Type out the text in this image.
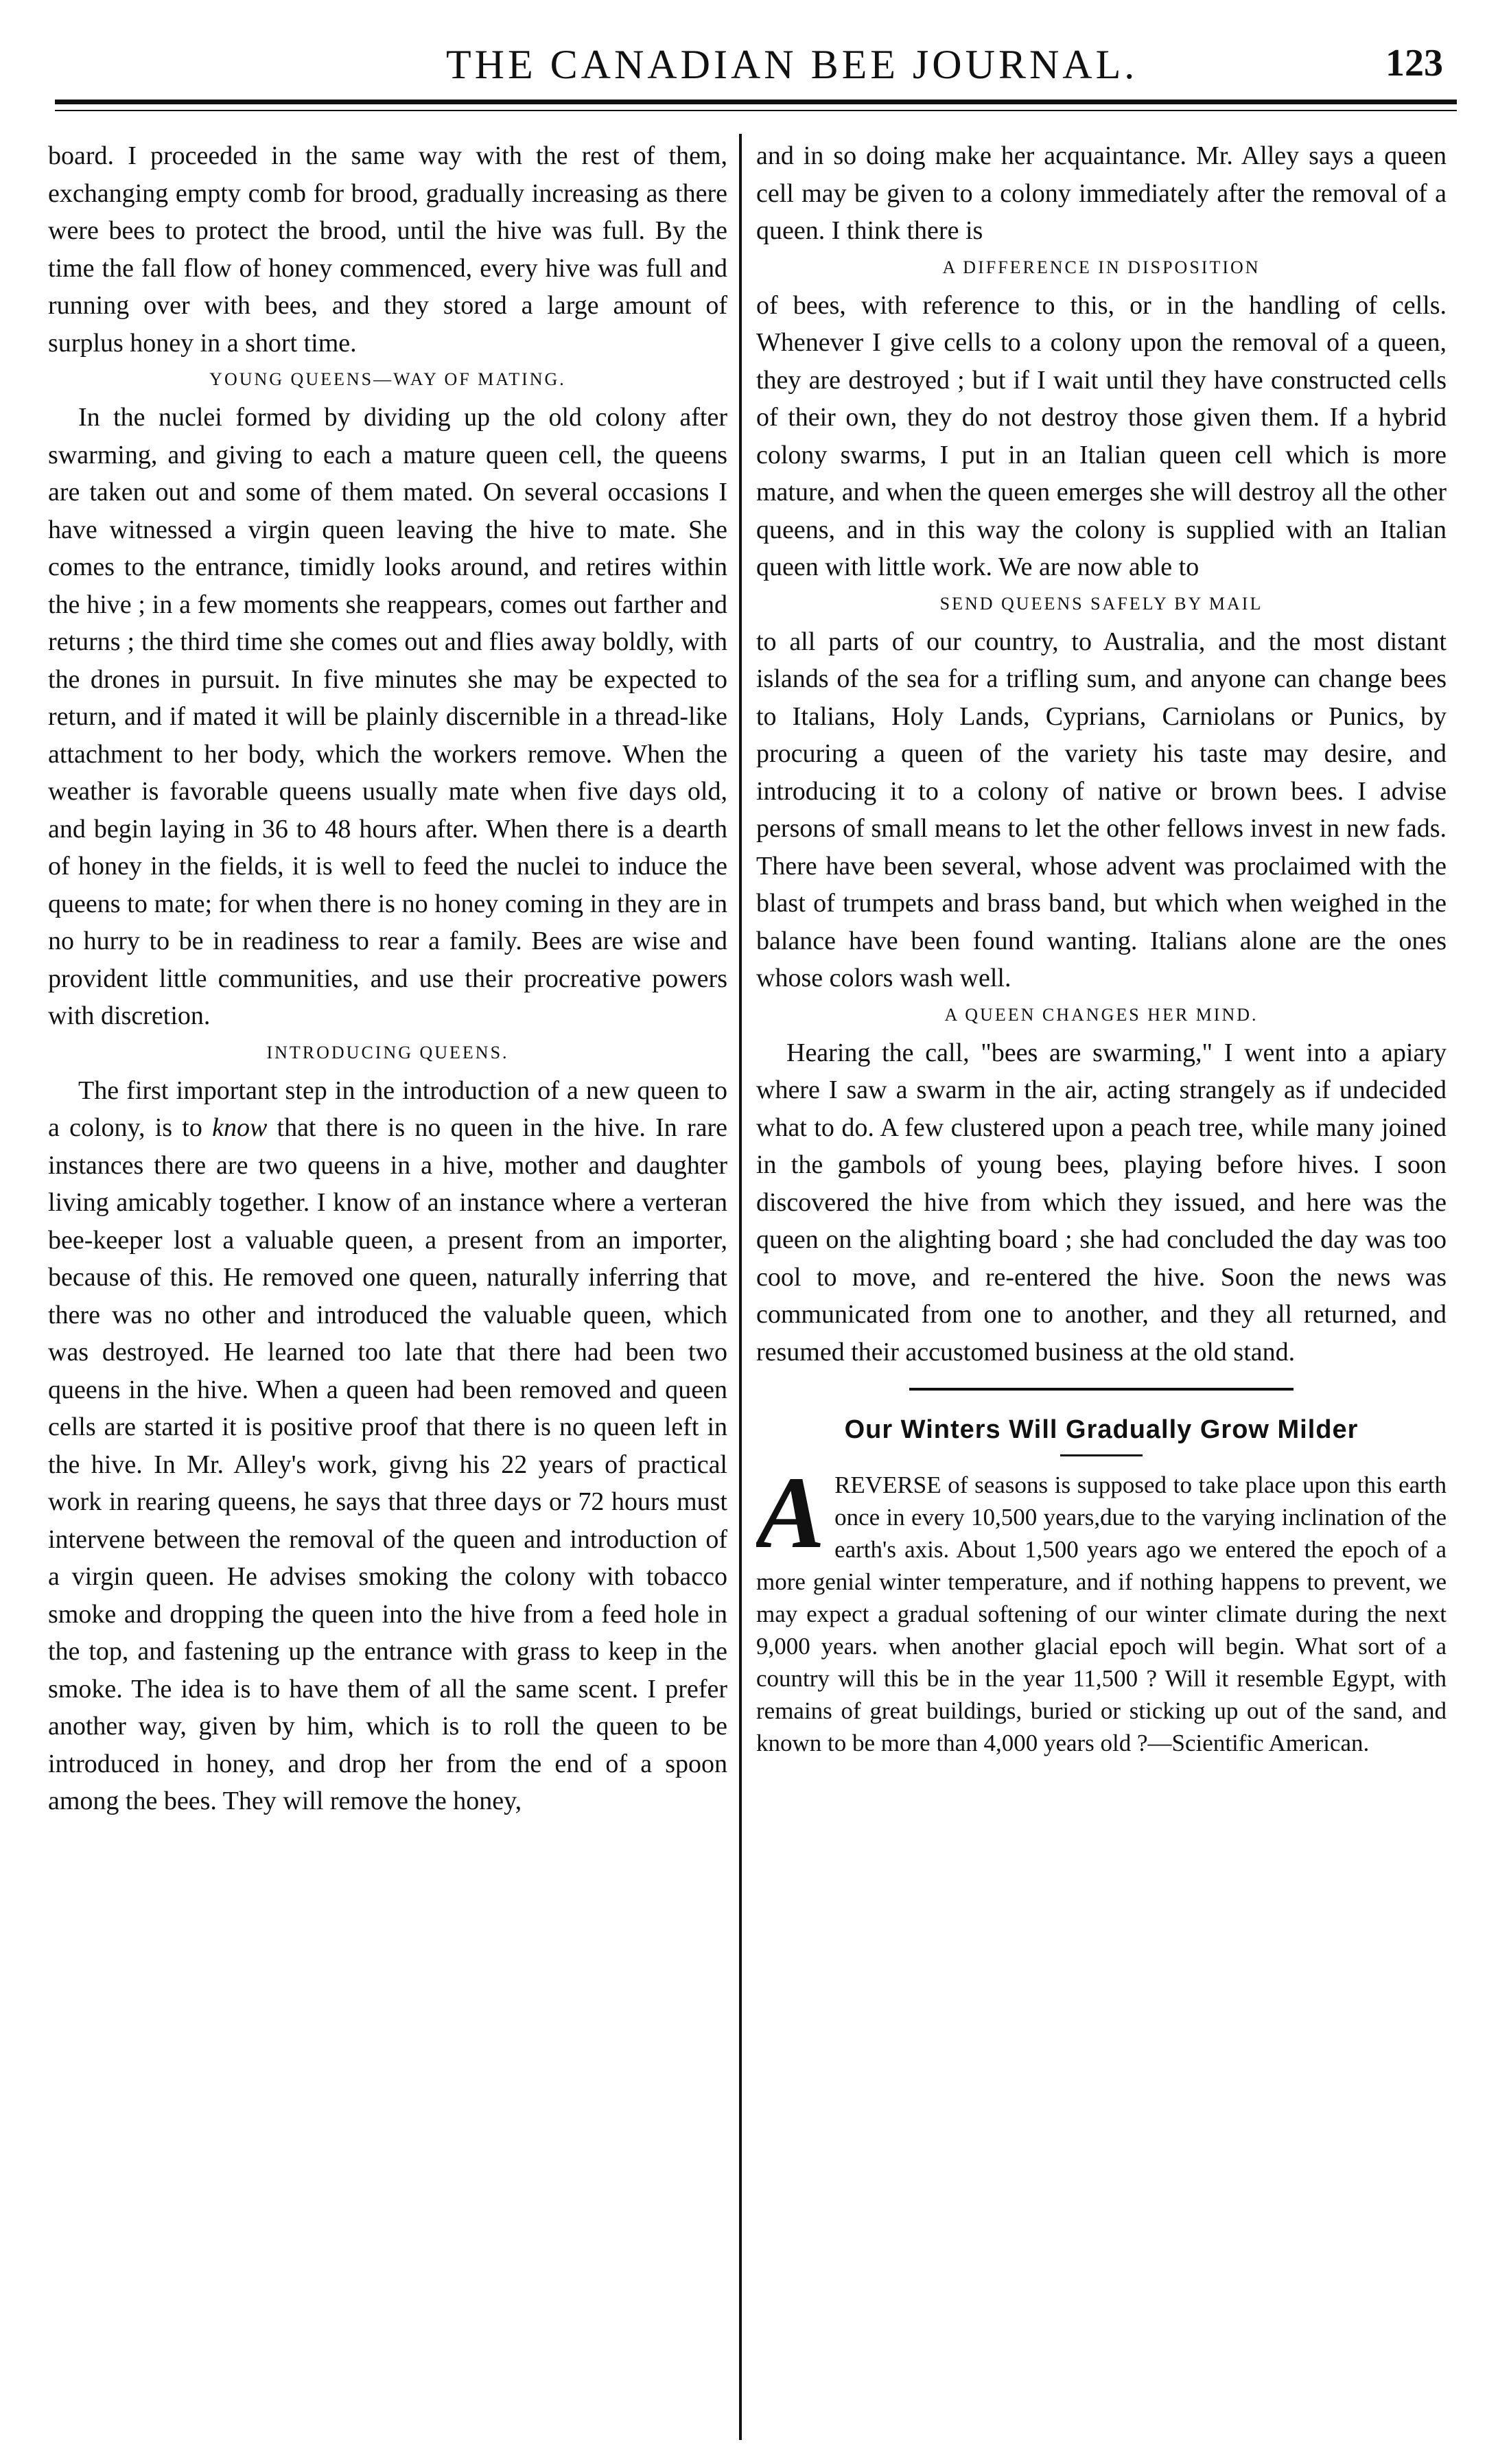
THE CANADIAN BEE JOURNAL.	123

board. I proceeded in the same way with the rest of them, exchanging empty comb for brood, gradually increasing as there were bees to protect the brood, until the hive was full. By the time the fall flow of honey commenced, every hive was full and running over with bees, and they stored a large amount of surplus honey in a short time.

YOUNG QUEENS—WAY OF MATING.

In the nuclei formed by dividing up the old colony after swarming, and giving to each a mature queen cell, the queens are taken out and some of them mated. On several occasions I have witnessed a virgin queen leaving the hive to mate. She comes to the entrance, timidly looks around, and retires within the hive ; in a few moments she reappears, comes out farther and returns ; the third time she comes out and flies away boldly, with the drones in pursuit. In five minutes she may be expected to return, and if mated it will be plainly discernible in a thread-like attachment to her body, which the workers remove. When the weather is favorable queens usually mate when five days old, and begin laying in 36 to 48 hours after. When there is a dearth of honey in the fields, it is well to feed the nuclei to induce the queens to mate; for when there is no honey coming in they are in no hurry to be in readiness to rear a family. Bees are wise and provident little communities, and use their procreative powers with discretion.

INTRODUCING QUEENS.

The first important step in the introduction of a new queen to a colony, is to know that there is no queen in the hive. In rare instances there are two queens in a hive, mother and daughter living amicably together. I know of an instance where a verteran bee-keeper lost a valuable queen, a present from an importer, because of this. He removed one queen, naturally inferring that there was no other and introduced the valuable queen, which was destroyed. He learned too late that there had been two queens in the hive. When a queen had been removed and queen cells are started it is positive proof that there is no queen left in the hive. In Mr. Alley's work, givng his 22 years of practical work in rearing queens, he says that three days or 72 hours must intervene between the removal of the queen and introduction of a virgin queen. He advises smoking the colony with tobacco smoke and dropping the queen into the hive from a feed hole in the top, and fastening up the entrance with grass to keep in the smoke. The idea is to have them of all the same scent. I prefer another way, given by him, which is to roll the queen to be introduced in honey, and drop her from the end of a spoon among the bees. They will remove the honey,

and in so doing make her acquaintance. Mr. Alley says a queen cell may be given to a colony immediately after the removal of a queen. I think there is

A DIFFERENCE IN DISPOSITION

of bees, with reference to this, or in the handling of cells. Whenever I give cells to a colony upon the removal of a queen, they are destroyed ; but if I wait until they have constructed cells of their own, they do not destroy those given them. If a hybrid colony swarms, I put in an Italian queen cell which is more mature, and when the queen emerges she will destroy all the other queens, and in this way the colony is supplied with an Italian queen with little work. We are now able to

SEND QUEENS SAFELY BY MAIL

to all parts of our country, to Australia, and the most distant islands of the sea for a trifling sum, and anyone can change bees to Italians, Holy Lands, Cyprians, Carniolans or Punics, by procuring a queen of the variety his taste may desire, and introducing it to a colony of native or brown bees. I advise persons of small means to let the other fellows invest in new fads. There have been several, whose advent was proclaimed with the blast of trumpets and brass band, but which when weighed in the balance have been found wanting. Italians alone are the ones whose colors wash well.

A QUEEN CHANGES HER MIND.

Hearing the call, "bees are swarming," I went into a apiary where I saw a swarm in the air, acting strangely as if undecided what to do. A few clustered upon a peach tree, while many joined in the gambols of young bees, playing before hives. I soon discovered the hive from which they issued, and here was the queen on the alighting board ; she had concluded the day was too cool to move, and re-entered the hive. Soon the news was communicated from one to another, and they all returned, and resumed their accustomed business at the old stand.

Our Winters Will Gradually Grow Milder

AREVERSE of seasons is supposed to take place upon this earth once in every 10,500 years,due to the varying inclination of the earth's axis. About 1,500 years ago we entered the epoch of a more genial winter temperature, and if nothing happens to prevent, we may expect a gradual softening of our winter climate during the next 9,000 years. when another glacial epoch will begin. What sort of a country will this be in the year 11,500 ? Will it resemble Egypt, with remains of great buildings, buried or sticking up out of the sand, and known to be more than 4,000 years old ?—Scientific American.
